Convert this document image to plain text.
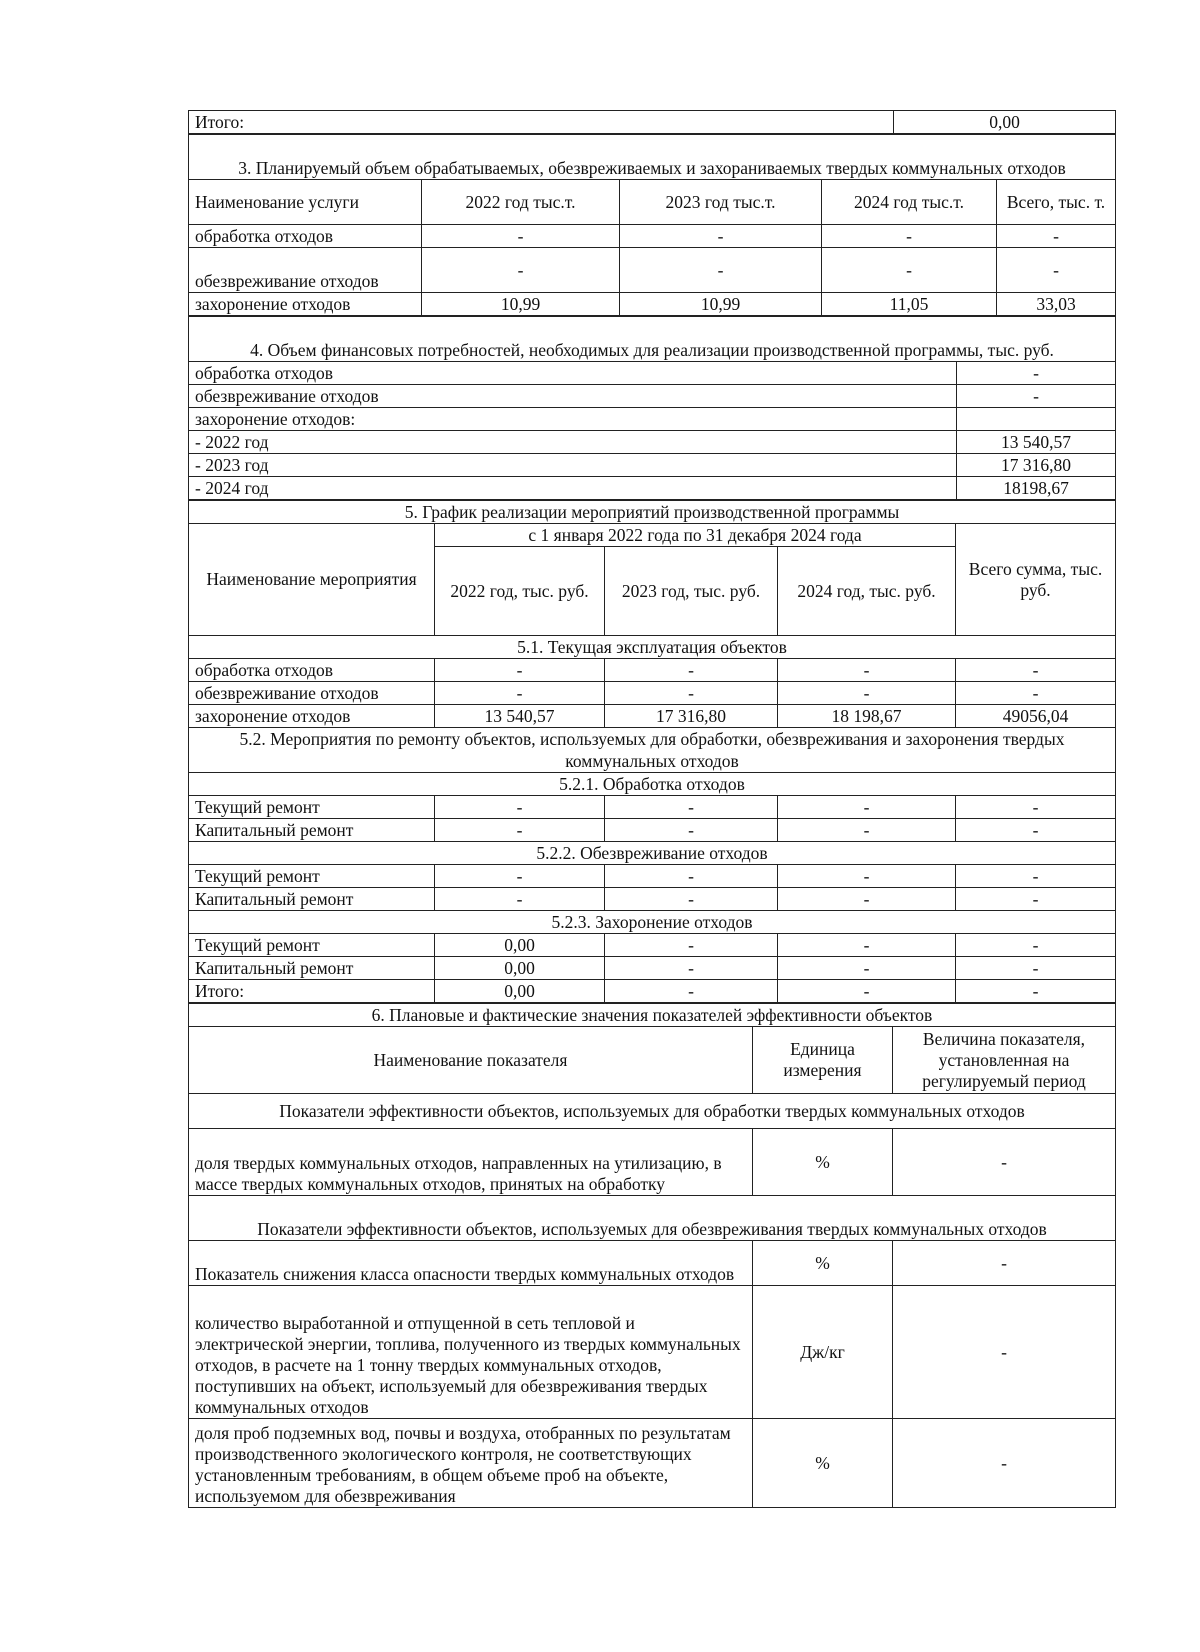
Итого:	0,00
3. Планируемый объем обрабатываемых, обезвреживаемых и захораниваемых твердых коммунальных отходов				
Наименование услуги	2022 год тыс.т.	2023 год тыс.т.	2024 год тыс.т.	Всего, тыс. т.
обработка отходов	-	-	-	-
обезвреживание отходов	-	-	-	-
захоронение отходов	10,99	10,99	11,05	33,03
4. Объем финансовых потребностей, необходимых для реализации производственной программы, тыс. руб.	
обработка отходов	-
обезвреживание отходов	-
захоронение отходов:	
- 2022 год	13 540,57
- 2023 год	17 316,80
- 2024 год	18198,67
5. График реализации мероприятий производственной программы				
Наименование мероприятия	с 1 января 2022 года по 31 декабря 2024 года			Всего сумма, тыс. руб.
	2022 год, тыс. руб.	2023 год, тыс. руб.	2024 год, тыс. руб.	
5.1. Текущая эксплуатация объектов				
обработка отходов	-	-	-	-
обезвреживание отходов	-	-	-	-
захоронение отходов	13 540,57	17 316,80	18 198,67	49056,04
5.2. Мероприятия по ремонту объектов, используемых для обработки, обезвреживания и захоронения твердых коммунальных отходов				
5.2.1. Обработка отходов				
Текущий ремонт	-	-	-	-
Капитальный ремонт	-	-	-	-
5.2.2. Обезвреживание отходов				
Текущий ремонт	-	-	-	-
Капитальный ремонт	-	-	-	-
5.2.3. Захоронение отходов				
Текущий ремонт	0,00	-	-	-
Капитальный ремонт	0,00	-	-	-
Итого:	0,00	-	-	-
6. Плановые и фактические значения показателей эффективности объектов		
Наименование показателя	Единица измерения	Величина показателя, установленная на регулируемый период
Показатели эффективности объектов, используемых для обработки твердых коммунальных отходов		
доля твердых коммунальных отходов, направленных на утилизацию, в массе твердых коммунальных отходов, принятых на обработку	%	-
Показатели эффективности объектов, используемых для обезвреживания твердых коммунальных отходов		
Показатель снижения класса опасности твердых коммунальных отходов	%	-
количество выработанной и отпущенной в сеть тепловой и электрической энергии, топлива, полученного из твердых коммунальных отходов, в расчете на 1 тонну твердых коммунальных отходов, поступивших на объект, используемый для обезвреживания твердых коммунальных отходов	Дж/кг	-
доля проб подземных вод, почвы и воздуха, отобранных по результатам производственного экологического контроля, не соответствующих установленным требованиям, в общем объеме проб на объекте, используемом для обезвреживания	%	-
